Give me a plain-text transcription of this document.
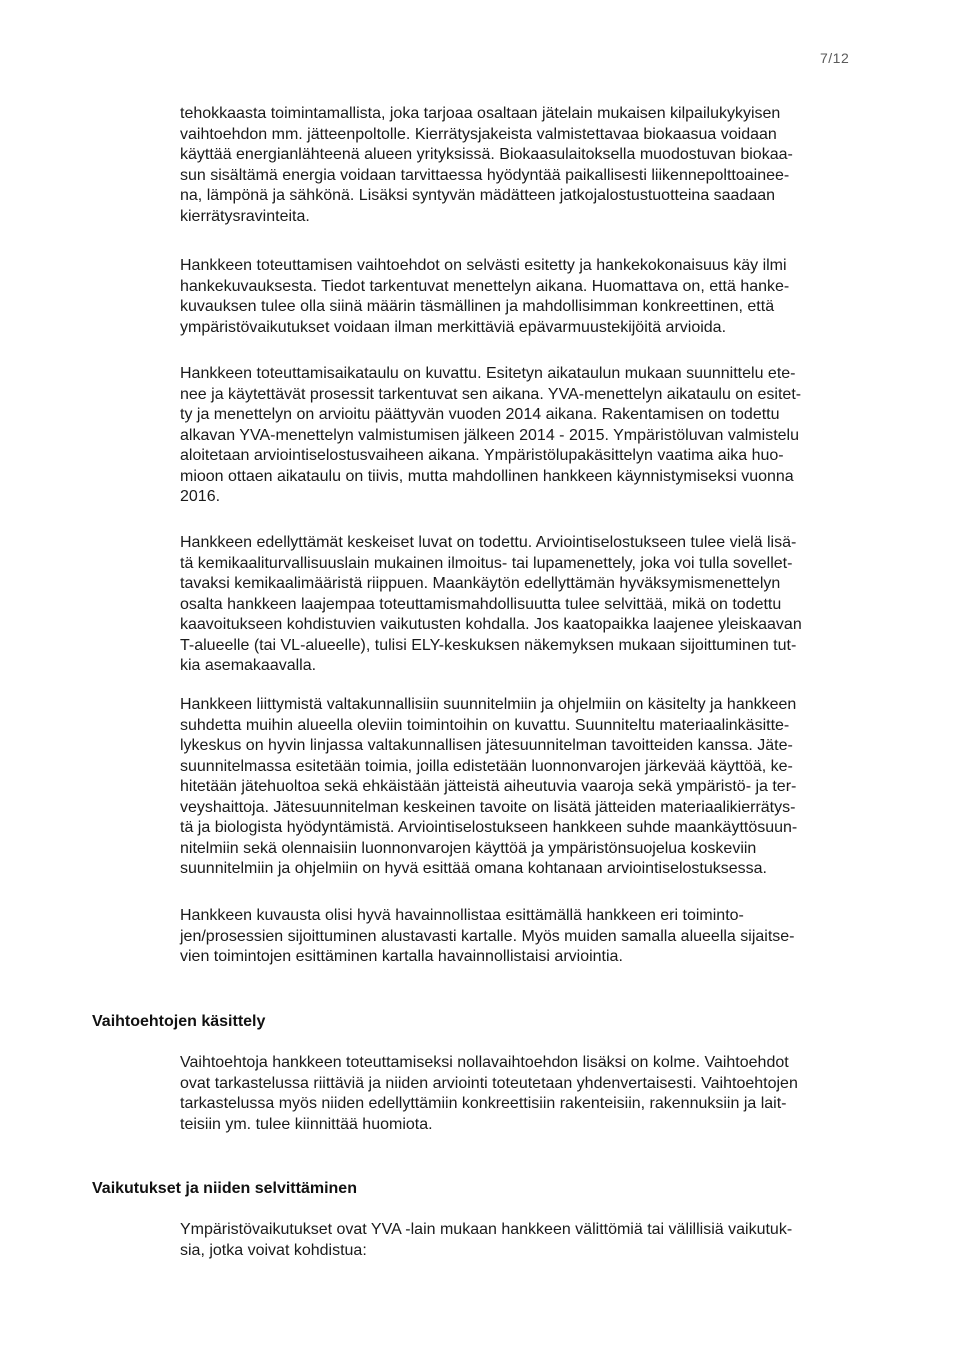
7/12
tehokkaasta toimintamallista, joka tarjoaa osaltaan jätelain mukaisen kilpailukykyisen
vaihtoehdon mm. jätteenpoltolle. Kierrätysjakeista valmistettavaa biokaasua voidaan
käyttää energianlähteenä alueen yrityksissä. Biokaasulaitoksella muodostuvan biokaa-
sun sisältämä energia voidaan tarvittaessa hyödyntää paikallisesti liikennepolttoainee-
na, lämpönä ja sähkönä. Lisäksi syntyvän mädätteen jatkojalostustuotteina saadaan
kierrätysravinteita.
Hankkeen toteuttamisen vaihtoehdot on selvästi esitetty ja hankekokonaisuus käy ilmi
hankekuvauksesta. Tiedot tarkentuvat menettelyn aikana. Huomattava on, että hanke-
kuvauksen tulee olla siinä määrin täsmällinen ja mahdollisimman konkreettinen, että
ympäristövaikutukset voidaan ilman merkittäviä epävarmuustekijöitä arvioida.
Hankkeen toteuttamisaikataulu on kuvattu. Esitetyn aikataulun mukaan suunnittelu ete-
nee ja käytettävät prosessit tarkentuvat sen aikana. YVA-menettelyn aikataulu on esitet-
ty ja menettelyn on arvioitu päättyvän vuoden 2014 aikana. Rakentamisen on todettu
alkavan YVA-menettelyn valmistumisen jälkeen 2014 - 2015. Ympäristöluvan valmistelu
aloitetaan arviointiselostusvaiheen aikana. Ympäristölupakäsittelyn vaatima aika huo-
mioon ottaen aikataulu on tiivis, mutta mahdollinen hankkeen käynnistymiseksi vuonna
2016.
Hankkeen edellyttämät keskeiset luvat on todettu. Arviointiselostukseen tulee vielä lisä-
tä kemikaaliturvallisuuslain mukainen ilmoitus- tai lupamenettely, joka voi tulla sovellet-
tavaksi kemikaalimääristä riippuen. Maankäytön edellyttämän hyväksymismenettelyn
osalta hankkeen laajempaa toteuttamismahdollisuutta tulee selvittää, mikä on todettu
kaavoitukseen kohdistuvien vaikutusten kohdalla. Jos kaatopaikka laajenee yleiskaavan
T-alueelle (tai VL-alueelle), tulisi ELY-keskuksen näkemyksen mukaan sijoittuminen tut-
kia asemakaavalla.
Hankkeen liittymistä valtakunnallisiin suunnitelmiin ja ohjelmiin on käsitelty ja hankkeen
suhdetta muihin alueella oleviin toimintoihin on kuvattu. Suunniteltu materiaalinkäsitte-
lykeskus on hyvin linjassa valtakunnallisen jätesuunnitelman tavoitteiden kanssa. Jäte-
suunnitelmassa esitetään toimia, joilla edistetään luonnonvarojen järkevää käyttöä, ke-
hitetään jätehuoltoa sekä ehkäistään jätteistä aiheutuvia vaaroja sekä ympäristö- ja ter-
veyshaittoja. Jätesuunnitelman keskeinen tavoite on lisätä jätteiden materiaalikierrätys-
tä ja biologista hyödyntämistä. Arviointiselostukseen hankkeen suhde maankäyttösuun-
nitelmiin sekä olennaisiin luonnonvarojen käyttöä ja ympäristönsuojelua koskeviin
suunnitelmiin ja ohjelmiin on hyvä esittää omana kohtanaan arviointiselostuksessa.
Hankkeen kuvausta olisi hyvä havainnollistaa esittämällä hankkeen eri toiminto-
jen/prosessien sijoittuminen alustavasti kartalle. Myös muiden samalla alueella sijaitse-
vien toimintojen esittäminen kartalla havainnollistaisi arviointia.
Vaihtoehtojen käsittely
Vaihtoehtoja hankkeen toteuttamiseksi nollavaihtoehdon lisäksi on kolme. Vaihtoehdot
ovat tarkastelussa riittäviä ja niiden arviointi toteutetaan yhdenvertaisesti. Vaihtoehtojen
tarkastelussa myös niiden edellyttämiin konkreettisiin rakenteisiin, rakennuksiin ja lait-
teisiin ym. tulee kiinnittää huomiota.
Vaikutukset ja niiden selvittäminen
Ympäristövaikutukset ovat YVA -lain mukaan hankkeen välittömiä tai välillisiä vaikutuk-
sia, jotka voivat kohdistua:
